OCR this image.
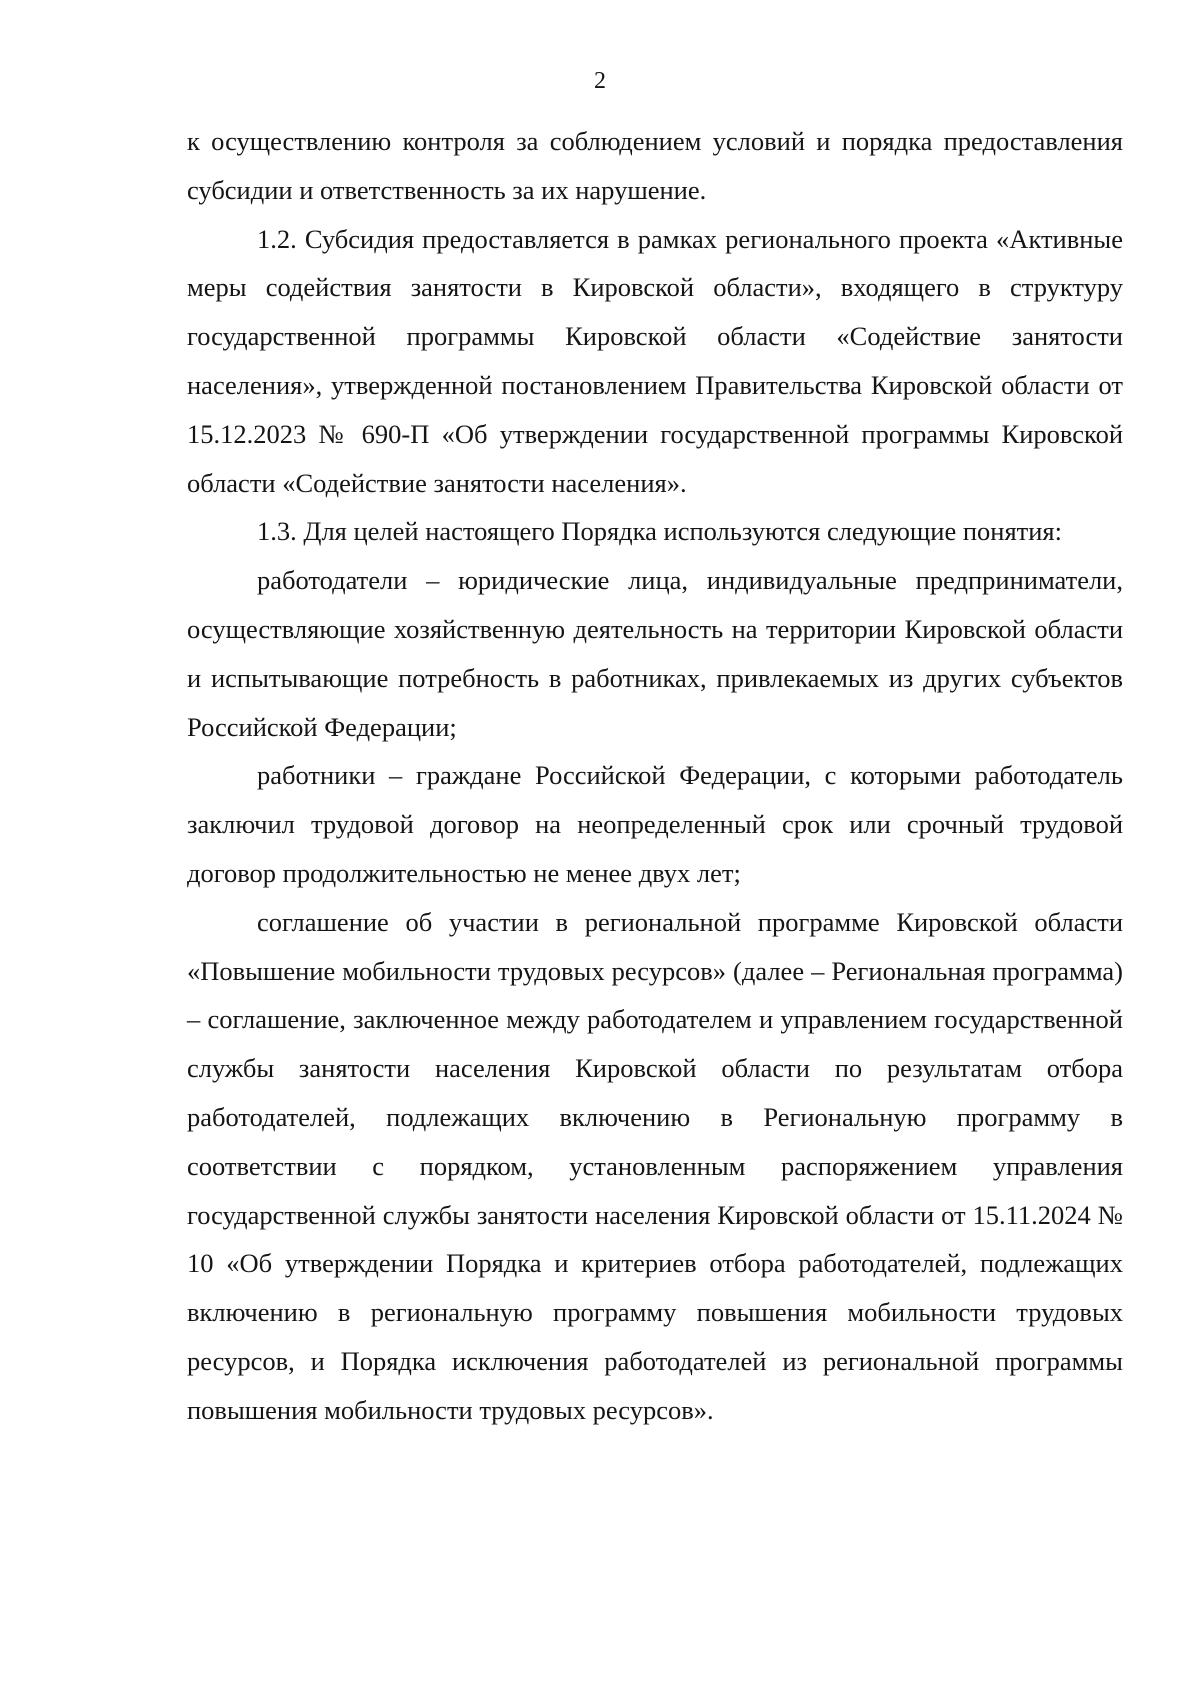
2

к осуществлению контроля за соблюдением условий и порядка предоставления субсидии и ответственность за их нарушение.

1.2. Субсидия предоставляется в рамках регионального проекта «Активные меры содействия занятости в Кировской области», входящего в структуру государственной программы Кировской области «Содействие занятости населения», утвержденной постановлением Правительства Кировской области от 15.12.2023 № 690-П «Об утверждении государственной программы Кировской области «Содействие занятости населения».

1.3. Для целей настоящего Порядка используются следующие понятия:

работодатели – юридические лица, индивидуальные предприниматели, осуществляющие хозяйственную деятельность на территории Кировской области и испытывающие потребность в работниках, привлекаемых из других субъектов Российской Федерации;

работники – граждане Российской Федерации, с которыми работодатель заключил трудовой договор на неопределенный срок или срочный трудовой договор продолжительностью не менее двух лет;

соглашение об участии в региональной программе Кировской области «Повышение мобильности трудовых ресурсов» (далее – Региональная программа) – соглашение, заключенное между работодателем и управлением государственной службы занятости населения Кировской области по результатам отбора работодателей, подлежащих включению в Региональную программу в соответствии с порядком, установленным распоряжением управления государственной службы занятости населения Кировской области от 15.11.2024 № 10 «Об утверждении Порядка и критериев отбора работодателей, подлежащих включению в региональную программу повышения мобильности трудовых ресурсов, и Порядка исключения работодателей из региональной программы повышения мобильности трудовых ресурсов».
